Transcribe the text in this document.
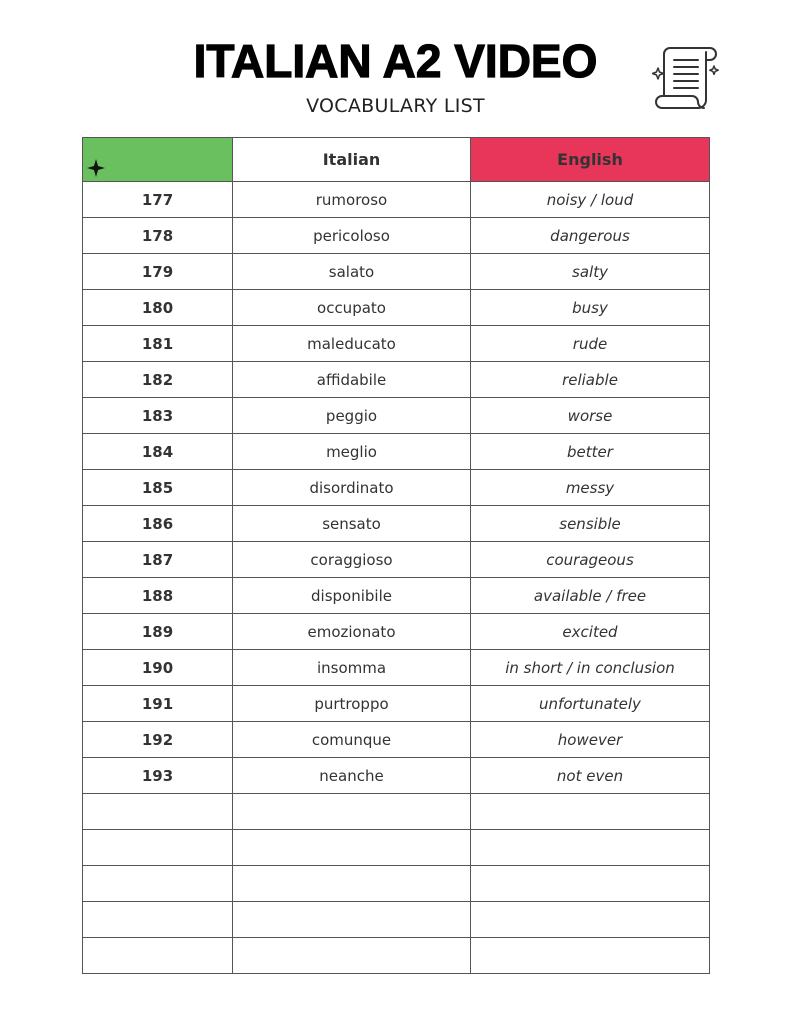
ITALIAN A2 VIDEO
VOCABULARY LIST
	Italian	English
177	rumoroso	noisy / loud
178	pericoloso	dangerous
179	salato	salty
180	occupato	busy
181	maleducato	rude
182	affidabile	reliable
183	peggio	worse
184	meglio	better
185	disordinato	messy
186	sensato	sensible
187	coraggioso	courageous
188	disponibile	available / free
189	emozionato	excited
190	insomma	in short / in conclusion
191	purtroppo	unfortunately
192	comunque	however
193	neanche	not even
